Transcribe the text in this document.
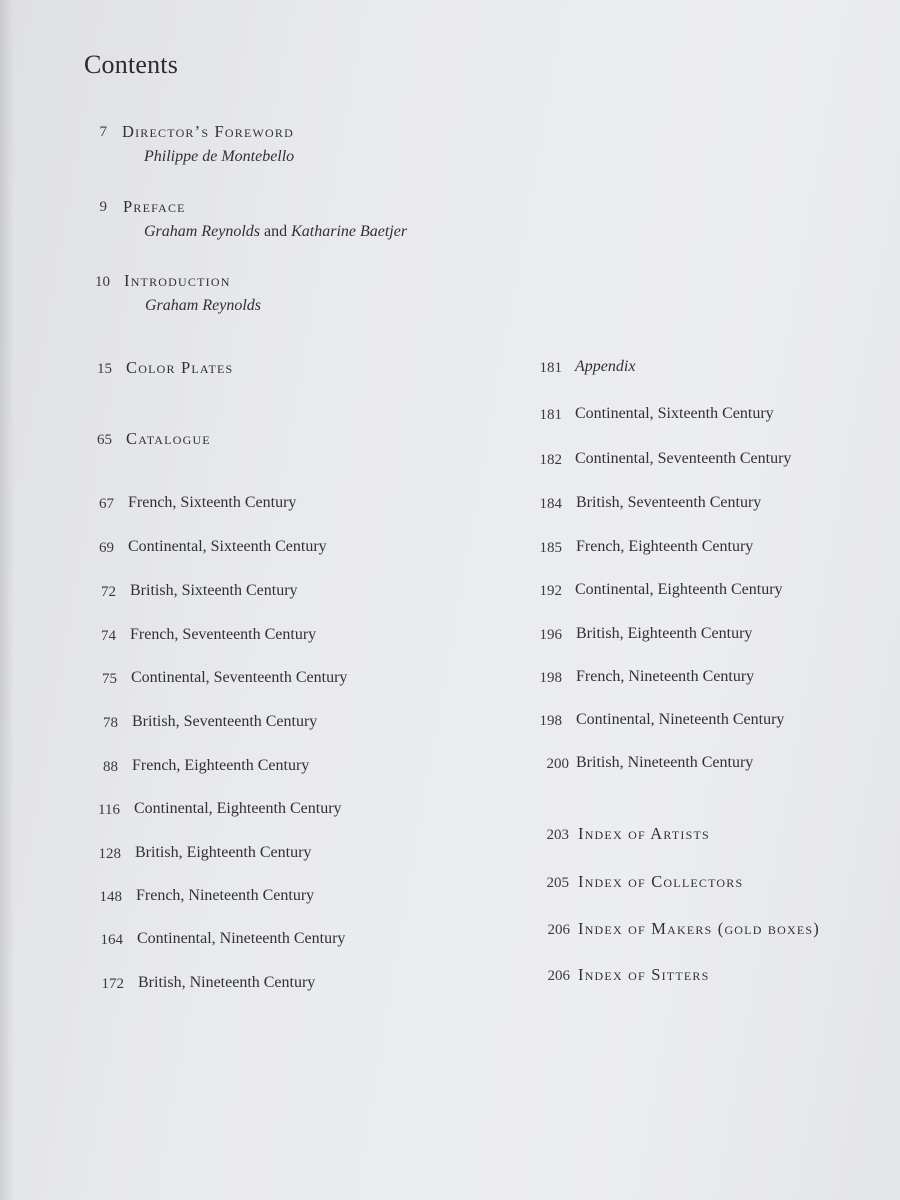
Contents
7 Director’s Foreword
Philippe de Montebello
9 Preface
Graham Reynolds and Katharine Baetjer
10 Introduction
Graham Reynolds
15 Color Plates
65 Catalogue
67 French, Sixteenth Century
69 Continental, Sixteenth Century
72 British, Sixteenth Century
74 French, Seventeenth Century
75 Continental, Seventeenth Century
78 British, Seventeenth Century
88 French, Eighteenth Century
116 Continental, Eighteenth Century
128 British, Eighteenth Century
148 French, Nineteenth Century
164 Continental, Nineteenth Century
172 British, Nineteenth Century
181 Appendix
181 Continental, Sixteenth Century
182 Continental, Seventeenth Century
184 British, Seventeenth Century
185 French, Eighteenth Century
192 Continental, Eighteenth Century
196 British, Eighteenth Century
198 French, Nineteenth Century
198 Continental, Nineteenth Century
200 British, Nineteenth Century
203 Index of Artists
205 Index of Collectors
206 Index of Makers (gold boxes)
206 Index of Sitters
